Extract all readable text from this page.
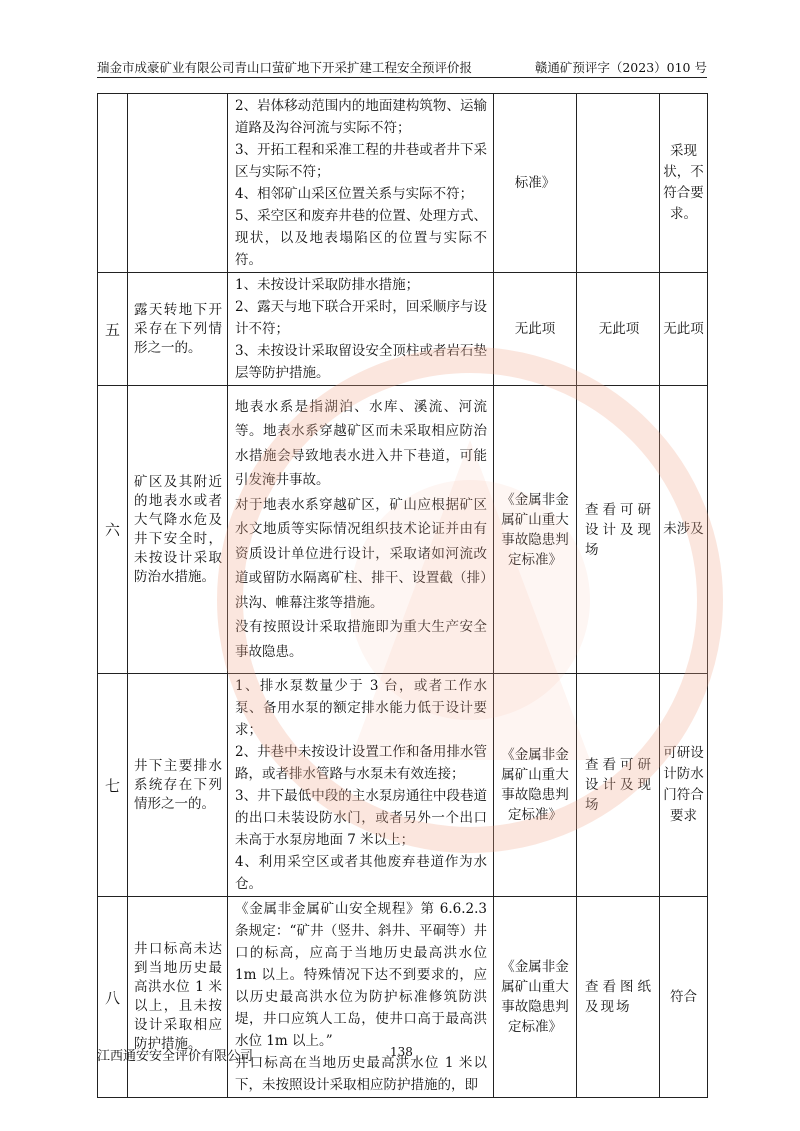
瑞金市成豪矿业有限公司青山口萤矿地下开采扩建工程安全预评价报	赣通矿预评字（2023）010 号

		2、岩体移动范围内的地面建构筑物、运输道路及沟谷河流与实际不符；
3、开拓工程和采准工程的井巷或者井下采区与实际不符；
4、相邻矿山采区位置关系与实际不符；
5、采空区和废弃井巷的位置、处理方式、现状，以及地表塌陷区的位置与实际不符。	标准》		采现状，不符合要求。
五	露天转地下开采存在下列情形之一的。	1、未按设计采取防排水措施；
2、露天与地下联合开采时，回采顺序与设计不符；
3、未按设计采取留设安全顶柱或者岩石垫层等防护措施。	无此项	无此项	无此项
六	矿区及其附近的地表水或者大气降水危及井下安全时，未按设计采取防治水措施。	地表水系是指湖泊、水库、溪流、河流等。地表水系穿越矿区而未采取相应防治水措施会导致地表水进入井下巷道，可能引发淹井事故。
对于地表水系穿越矿区，矿山应根据矿区水文地质等实际情况组织技术论证并由有资质设计单位进行设计，采取诸如河流改道或留防水隔离矿柱、排干、设置截（排）洪沟、帷幕注浆等措施。
没有按照设计采取措施即为重大生产安全事故隐患。	《金属非金属矿山重大事故隐患判定标准》	查看可研设计及现场	未涉及
七	井下主要排水系统存在下列情形之一的。	1、排水泵数量少于 3 台，或者工作水泵、备用水泵的额定排水能力低于设计要求；
2、井巷中未按设计设置工作和备用排水管路，或者排水管路与水泵未有效连接；
3、井下最低中段的主水泵房通往中段巷道的出口未装设防水门，或者另外一个出口未高于水泵房地面 7 米以上；
4、利用采空区或者其他废弃巷道作为水仓。	《金属非金属矿山重大事故隐患判定标准》	查看可研设计及现场	可研设计防水门符合要求
八	井口标高未达到当地历史最高洪水位 1 米以上，且未按设计采取相应防护措施。	《金属非金属矿山安全规程》第 6.6.2.3 条规定：“矿井（竖井、斜井、平硐等）井口的标高，应高于当地历史最高洪水位 1m 以上。特殊情况下达不到要求的，应以历史最高洪水位为防护标准修筑防洪堤，井口应筑人工岛，使井口高于最高洪水位 1m 以上。”
井口标高在当地历史最高洪水位 1 米以下，未按照设计采取相应防护措施的，即	《金属非金属矿山重大事故隐患判定标准》	查看图纸及现场	符合
江西通安安全评价有限公司	138
